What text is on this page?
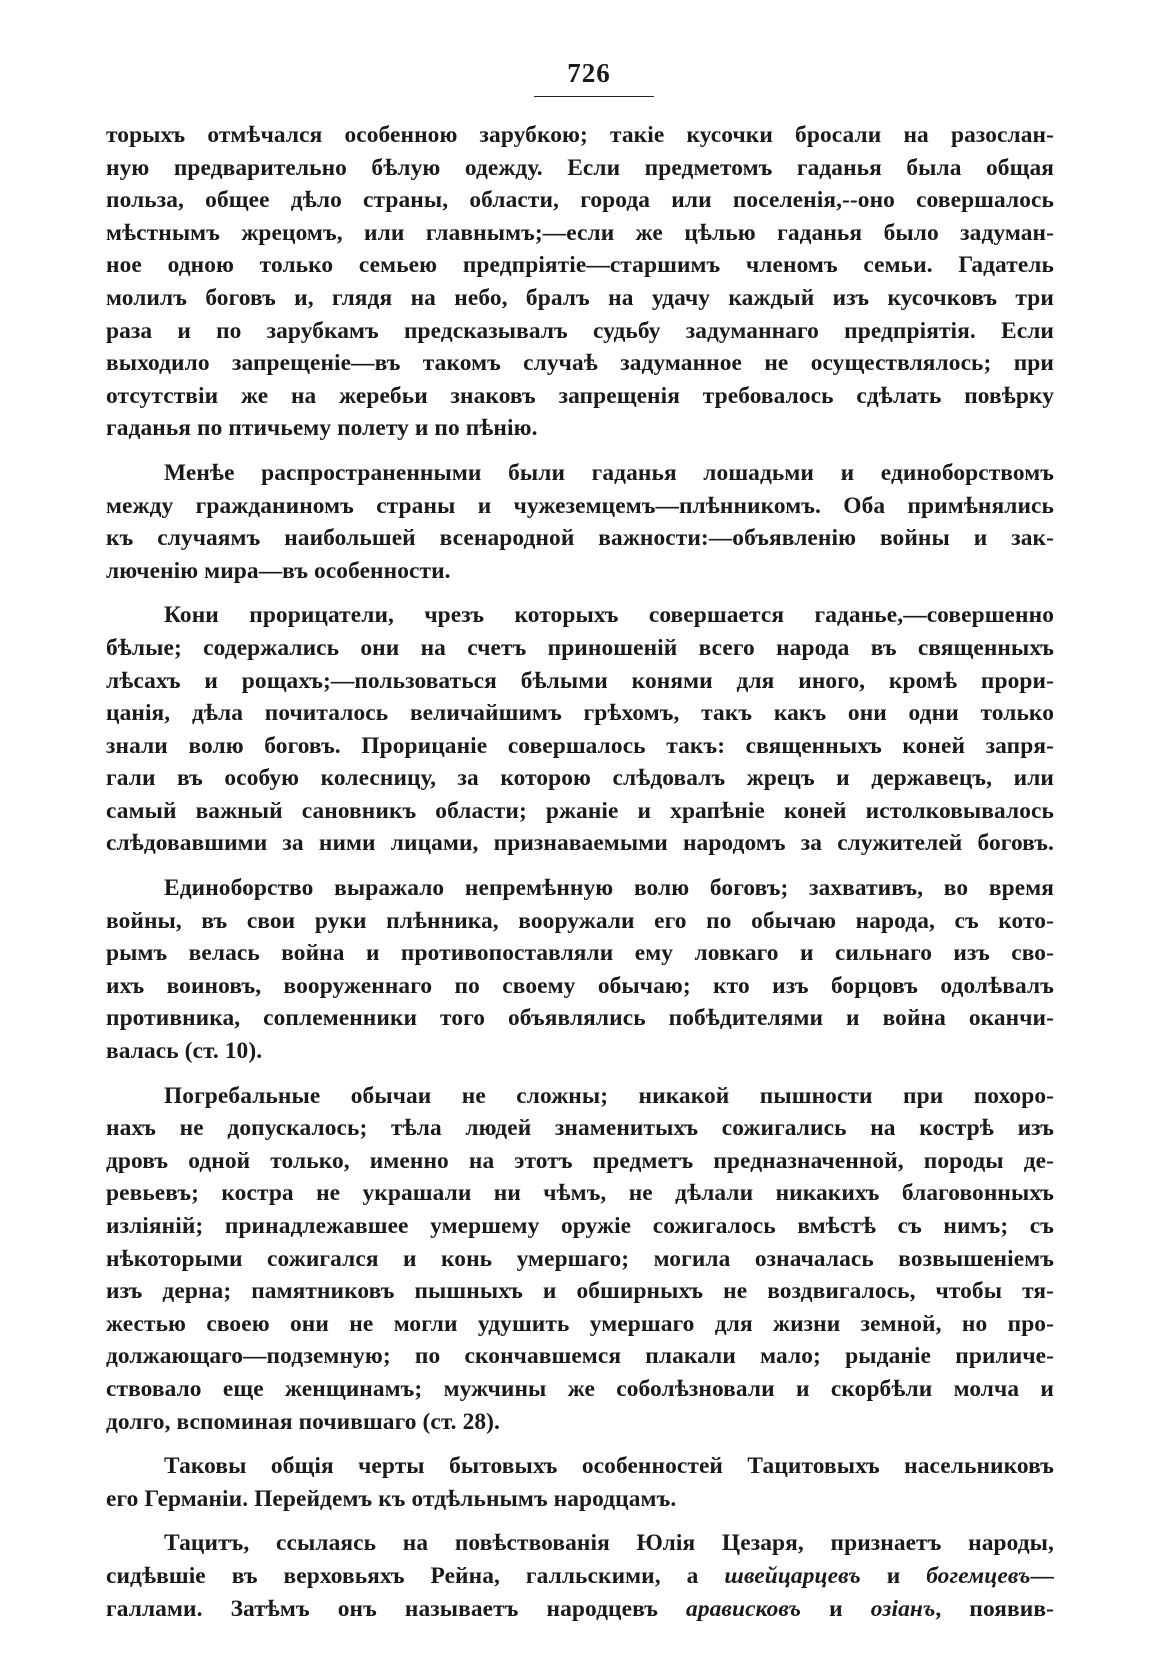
726
торыхъ отмѣчался особенною зарубкою; такіе кусочки бросали на разослан-
ную предварительно бѣлую одежду. Если предметомъ гаданья была общая
польза, общее дѣло страны, области, города или поселенія,--оно совершалось
мѣстнымъ жрецомъ, или главнымъ;—если же цѣлью гаданья было задуман-
ное одною только семьею предпріятіе—старшимъ членомъ семьи. Гадатель
молилъ боговъ и, глядя на небо, бралъ на удачу каждый изъ кусочковъ три
раза и по зарубкамъ предсказывалъ судьбу задуманнаго предпріятія. Если
выходило запрещеніе—въ такомъ случаѣ задуманное не осуществлялось; при
отсутствіи же на жеребьи знаковъ запрещенія требовалось сдѣлать повѣрку
гаданья по птичьему полету и по пѣнію.
Менѣе распространенными были гаданья лошадьми и единоборствомъ
между гражданиномъ страны и чужеземцемъ—плѣнникомъ. Оба примѣнялись
къ случаямъ наибольшей всенародной важности:—объявленію войны и зак-
люченію мира—въ особенности.
Кони прорицатели, чрезъ которыхъ совершается гаданье,—совершенно
бѣлые; содержались они на счетъ приношеній всего народа въ священныхъ
лѣсахъ и рощахъ;—пользоваться бѣлыми конями для иного, кромѣ прори-
цанія, дѣла почиталось величайшимъ грѣхомъ, такъ какъ они одни только
знали волю боговъ. Прорицаніе совершалось такъ: священныхъ коней запря-
гали въ особую колесницу, за которою слѣдовалъ жрецъ и державецъ, или
самый важный сановникъ области; ржаніе и храпѣніе коней истолковывалось
слѣдовавшими за ними лицами, признаваемыми народомъ за служителей боговъ.
Единоборство выражало непремѣнную волю боговъ; захвативъ, во время
войны, въ свои руки плѣнника, вооружали его по обычаю народа, съ кото-
рымъ велась война и противопоставляли ему ловкаго и сильнаго изъ сво-
ихъ воиновъ, вооруженнаго по своему обычаю; кто изъ борцовъ одолѣвалъ
противника, соплеменники того объявлялись побѣдителями и война оканчи-
валась (ст. 10).
Погребальные обычаи не сложны; никакой пышности при похоро-
нахъ не допускалось; тѣла людей знаменитыхъ сожигались на кострѣ изъ
дровъ одной только, именно на этотъ предметъ предназначенной, породы де-
ревьевъ; костра не украшали ни чѣмъ, не дѣлали никакихъ благовонныхъ
излiяній; принадлежавшее умершему оружіе сожигалось вмѣстѣ съ нимъ; съ
нѣкоторыми сожигался и конь умершаго; могила означалась возвышеніемъ
изъ дерна; памятниковъ пышныхъ и обширныхъ не воздвигалось, чтобы тя-
жестью своею они не могли удушить умершаго для жизни земной, но про-
должающаго—подземную; по скончавшемся плакали мало; рыданіе приличе-
ствовало еще женщинамъ; мужчины же соболѣзновали и скорбѣли молча и
долго, вспоминая почившаго (ст. 28).
Таковы общія черты бытовыхъ особенностей Тацитовыхъ насельниковъ
его Германіи. Перейдемъ къ отдѣльнымъ народцамъ.
Тацитъ, ссылаясь на повѣствованія Юлія Цезаря, признаетъ народы,
сидѣвшіе въ верховьяхъ Рейна, галльскими, а швейцарцевъ и богемцевъ—
галлами. Затѣмъ онъ называетъ народцевъ арависковъ и озіанъ, появив-
